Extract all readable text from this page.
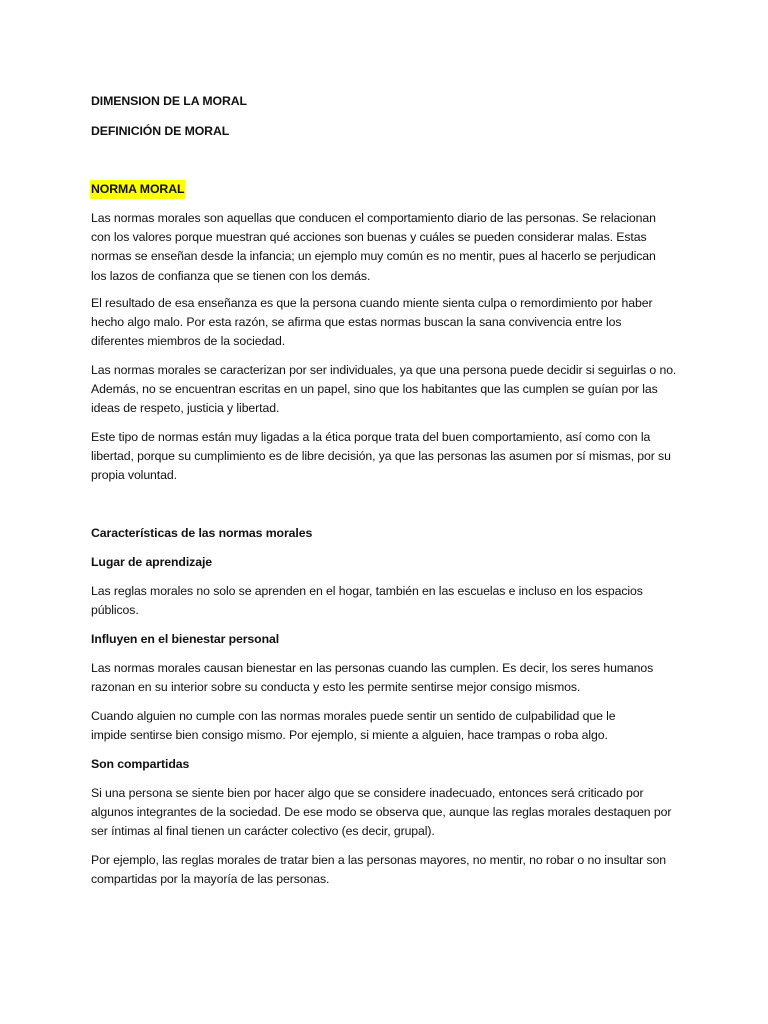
DIMENSION DE LA MORAL

DEFINICIÓN DE MORAL

NORMA MORAL

Las normas morales son aquellas que conducen el comportamiento diario de las personas. Se relacionan con los valores porque muestran qué acciones son buenas y cuáles se pueden considerar malas. Estas normas se enseñan desde la infancia; un ejemplo muy común es no mentir, pues al hacerlo se perjudican los lazos de confianza que se tienen con los demás.

El resultado de esa enseñanza es que la persona cuando miente sienta culpa o remordimiento por haber hecho algo malo. Por esta razón, se afirma que estas normas buscan la sana convivencia entre los diferentes miembros de la sociedad.

Las normas morales se caracterizan por ser individuales, ya que una persona puede decidir si seguirlas o no. Además, no se encuentran escritas en un papel, sino que los habitantes que las cumplen se guían por las ideas de respeto, justicia y libertad.

Este tipo de normas están muy ligadas a la ética porque trata del buen comportamiento, así como con la libertad, porque su cumplimiento es de libre decisión, ya que las personas las asumen por sí mismas, por su propia voluntad.

Características de las normas morales

Lugar de aprendizaje

Las reglas morales no solo se aprenden en el hogar, también en las escuelas e incluso en los espacios públicos.

Influyen en el bienestar personal

Las normas morales causan bienestar en las personas cuando las cumplen. Es decir, los seres humanos razonan en su interior sobre su conducta y esto les permite sentirse mejor consigo mismos.

Cuando alguien no cumple con las normas morales puede sentir un sentido de culpabilidad que le impide sentirse bien consigo mismo. Por ejemplo, si miente a alguien, hace trampas o roba algo.

Son compartidas

Si una persona se siente bien por hacer algo que se considere inadecuado, entonces será criticado por algunos integrantes de la sociedad. De ese modo se observa que, aunque las reglas morales destaquen por ser íntimas al final tienen un carácter colectivo (es decir, grupal).

Por ejemplo, las reglas morales de tratar bien a las personas mayores, no mentir, no robar o no insultar son compartidas por la mayoría de las personas.
